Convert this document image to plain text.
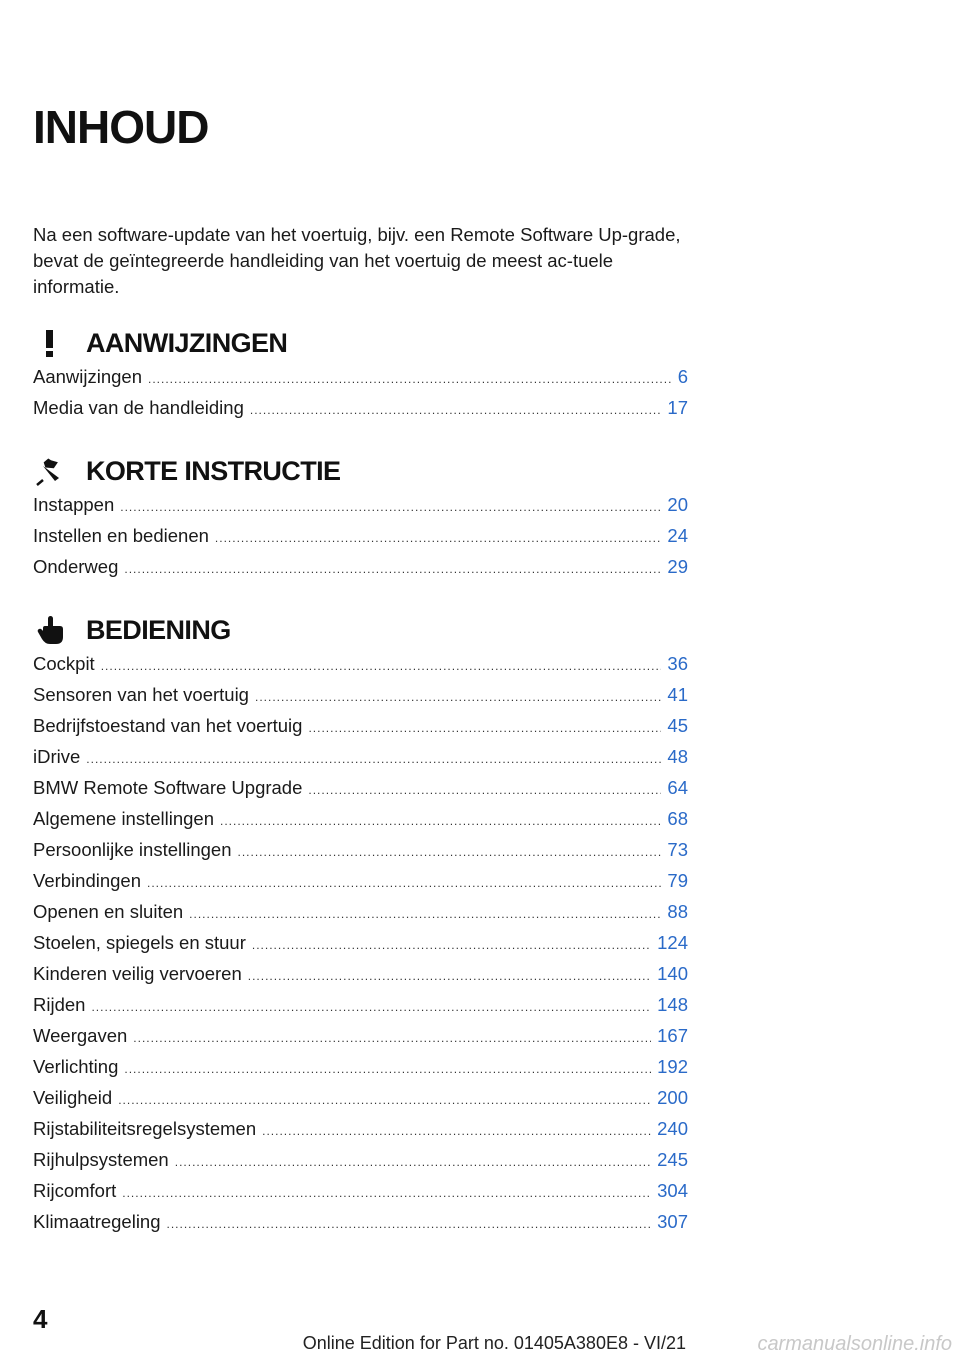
INHOUD
Na een software-update van het voertuig, bijv. een Remote Software Up-grade, bevat de geïntegreerde handleiding van het voertuig de meest ac-tuele informatie.
AANWIJZINGEN
Aanwijzingen .....	6
Media van de handleiding .....	17
KORTE INSTRUCTIE
Instappen .....	20
Instellen en bedienen .....	24
Onderweg .....	29
BEDIENING
Cockpit .....	36
Sensoren van het voertuig .....	41
Bedrijfstoestand van het voertuig .....	45
iDrive .....	48
BMW Remote Software Upgrade .....	64
Algemene instellingen .....	68
Persoonlijke instellingen .....	73
Verbindingen .....	79
Openen en sluiten .....	88
Stoelen, spiegels en stuur .....	124
Kinderen veilig vervoeren .....	140
Rijden .....	148
Weergaven .....	167
Verlichting .....	192
Veiligheid .....	200
Rijstabiliteitsregelsystemen .....	240
Rijhulpsystemen .....	245
Rijcomfort .....	304
Klimaatregeling .....	307
4
Online Edition for Part no. 01405A380E8 - VI/21	carmanualsonline.info
